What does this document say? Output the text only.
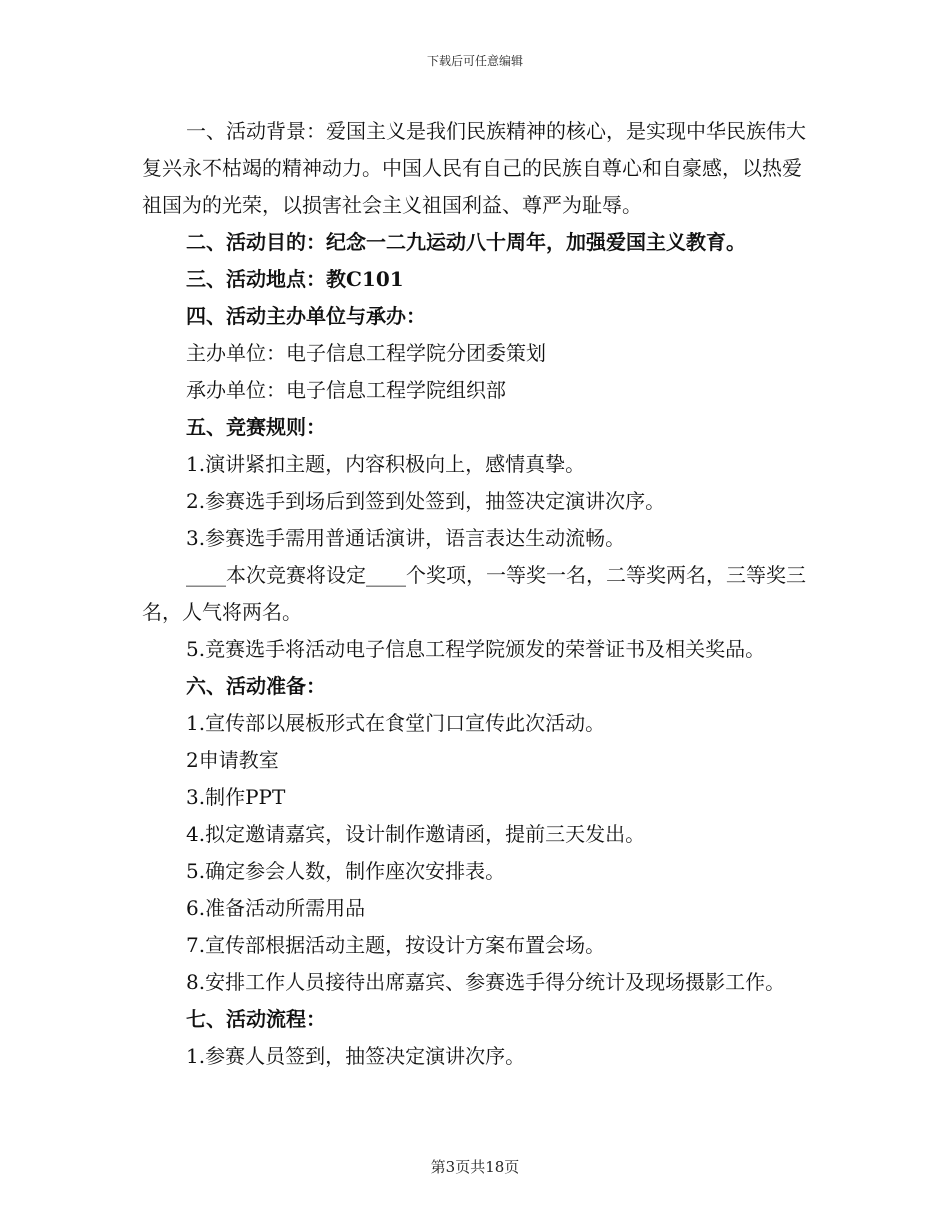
下载后可任意编辑

一、活动背景：爱国主义是我们民族精神的核心，是实现中华民族伟大复兴永不枯竭的精神动力。中国人民有自己的民族自尊心和自豪感，以热爱祖国为的光荣，以损害社会主义祖国利益、尊严为耻辱。

二、活动目的：纪念一二九运动八十周年，加强爱国主义教育。

三、活动地点：教C101

四、活动主办单位与承办：

主办单位：电子信息工程学院分团委策划

承办单位：电子信息工程学院组织部

五、竞赛规则：

1.演讲紧扣主题，内容积极向上，感情真挚。

2.参赛选手到场后到签到处签到，抽签决定演讲次序。

3.参赛选手需用普通话演讲，语言表达生动流畅。

____本次竞赛将设定____个奖项，一等奖一名，二等奖两名，三等奖三名，人气将两名。

5.竞赛选手将活动电子信息工程学院颁发的荣誉证书及相关奖品。

六、活动准备：

1.宣传部以展板形式在食堂门口宣传此次活动。

2申请教室

3.制作PPT

4.拟定邀请嘉宾，设计制作邀请函，提前三天发出。

5.确定参会人数，制作座次安排表。

6.准备活动所需用品

7.宣传部根据活动主题，按设计方案布置会场。

8.安排工作人员接待出席嘉宾、参赛选手得分统计及现场摄影工作。

七、活动流程：

1.参赛人员签到，抽签决定演讲次序。

第3页共18页
